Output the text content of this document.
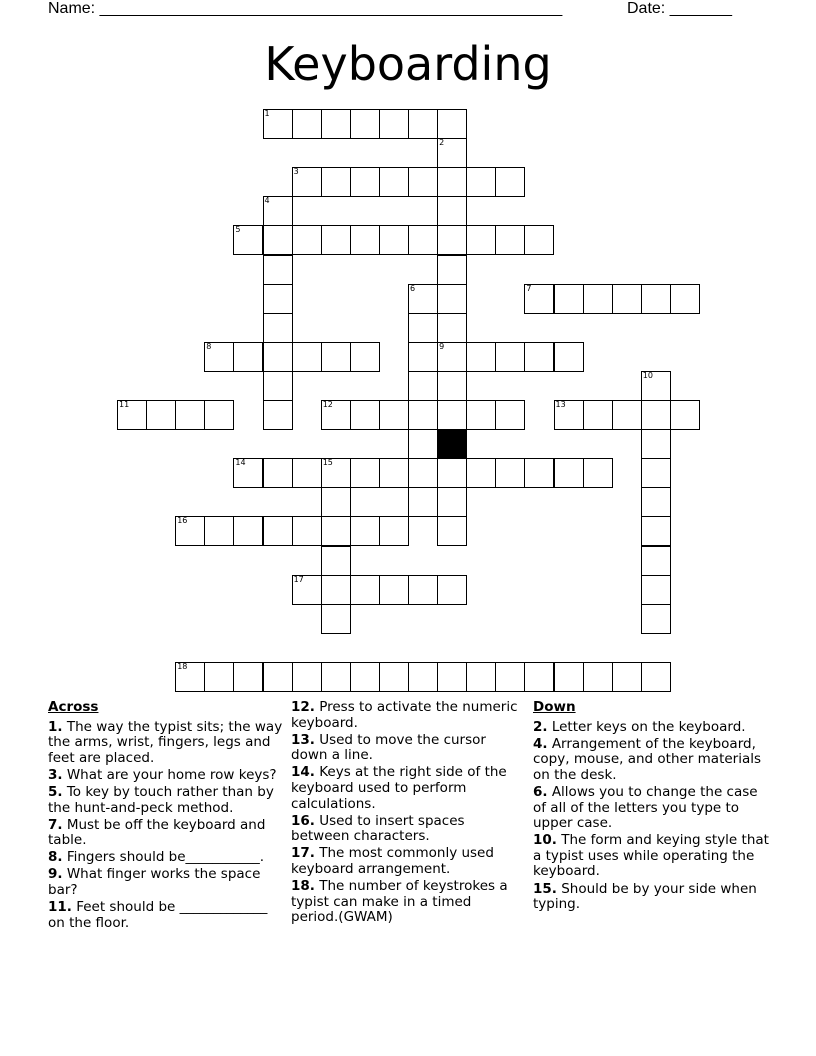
Name: ____________________________________________________	Date: _______
Keyboarding
1
2
9
3
4
5
6	7
8
10
11	12	13
14	15
16
17
18
Across
1. The way the typist sits; the way the arms, wrist, fingers, legs and feet are placed.
3. What are your home row keys?
5. To key by touch rather than by the hunt-and-peck method.
7. Must be off the keyboard and table.
8. Fingers should be___________.
9. What finger works the space bar?
11. Feet should be _____________ on the floor.
12. Press to activate the numeric keyboard.
13. Used to move the cursor down a line.
14. Keys at the right side of the keyboard used to perform calculations.
16. Used to insert spaces between characters.
17. The most commonly used keyboard arrangement.
18. The number of keystrokes a typist can make in a timed period.(GWAM)
Down
2. Letter keys on the keyboard.
4. Arrangement of the keyboard, copy, mouse, and other materials on the desk.
6. Allows you to change the case of all of the letters you type to upper case.
10. The form and keying style that a typist uses while operating the keyboard.
15. Should be by your side when typing.
